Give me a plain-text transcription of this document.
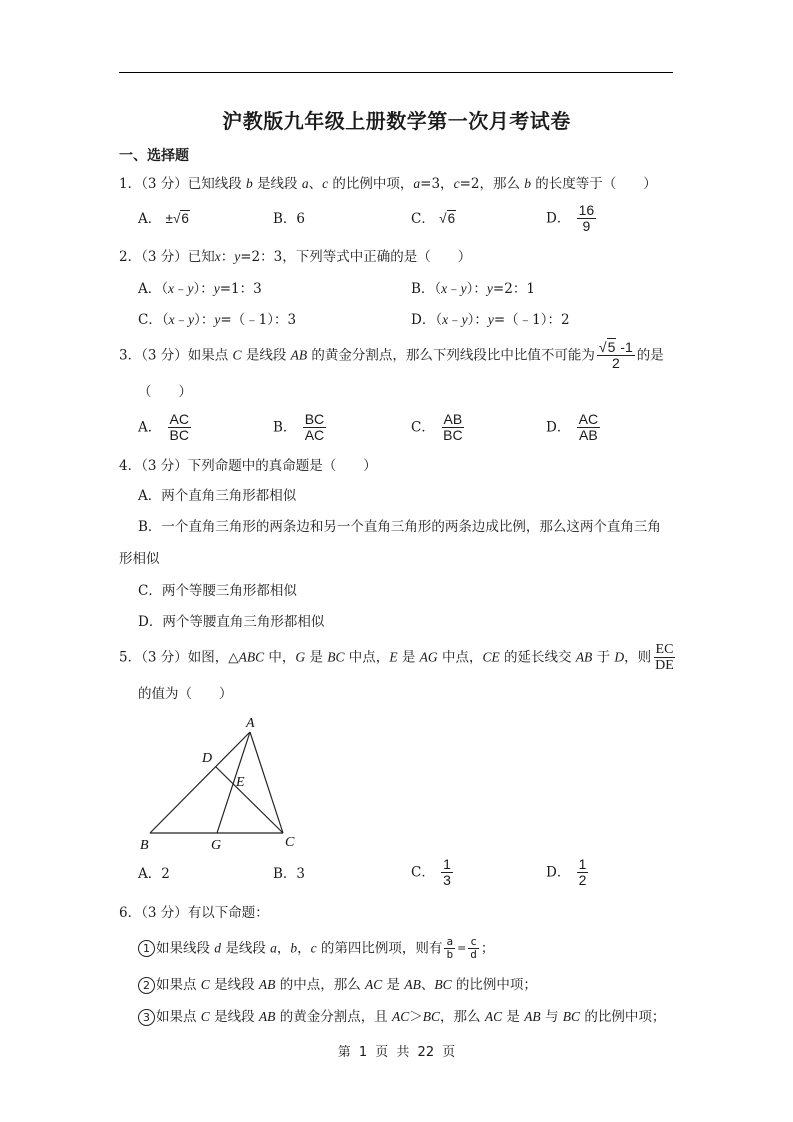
沪教版九年级上册数学第一次月考试卷
一、选择题
1．（3 分）已知线段 b 是线段 a、c 的比例中项，a=3，c=2，那么 b 的长度等于（　　）
A． ±√6	B．6	C． √6	D． $\frac{16}{9}$
2．（3 分）已知x：y=2：3，下列等式中正确的是（　　）
A．（x﹣y）：y=1：3	B．（x﹣y）：y=2：1
C．（x﹣y）：y=（﹣1）：3	D．（x﹣y）：y=（﹣1）：2
3．（3 分）如果点 C 是线段 AB 的黄金分割点，那么下列线段比中比值不可能为 $\frac{√5 -1}{2}$ 的是
（　　）
A． $\frac{AC}{BC}$	B． $\frac{BC}{AC}$	C． $\frac{AB}{BC}$	D． $\frac{AC}{AB}$
4．（3 分）下列命题中的真命题是（　　）
A．两个直角三角形都相似
B．一个直角三角形的两条边和另一个直角三角形的两条边成比例，那么这两个直角三角
形相似
C．两个等腰三角形都相似
D．两个等腰直角三角形都相似
5．（3 分）如图，△ABC 中，G 是 BC 中点，E 是 AG 中点，CE 的延长线交 AB 于 D，则 $\frac{EC}{DE}$
的值为（　　）
A
B	C
D
E
G
A．2	B．3	C． $\frac{1}{3}$	D． $\frac{1}{2}$
6．（3 分）有以下命题：
1 如果线段 d 是线段 a，b，c 的第四比例项，则有 $\frac{a}{b} = \frac{c}{d}$ ；
2 如果点 C 是线段 AB 的中点，那么 AC 是 AB、BC 的比例中项；
3 如果点 C 是线段 AB 的黄金分割点，且 AC＞BC，那么 AC 是 AB 与 BC 的比例中项；
第 1 页 共 22 页
